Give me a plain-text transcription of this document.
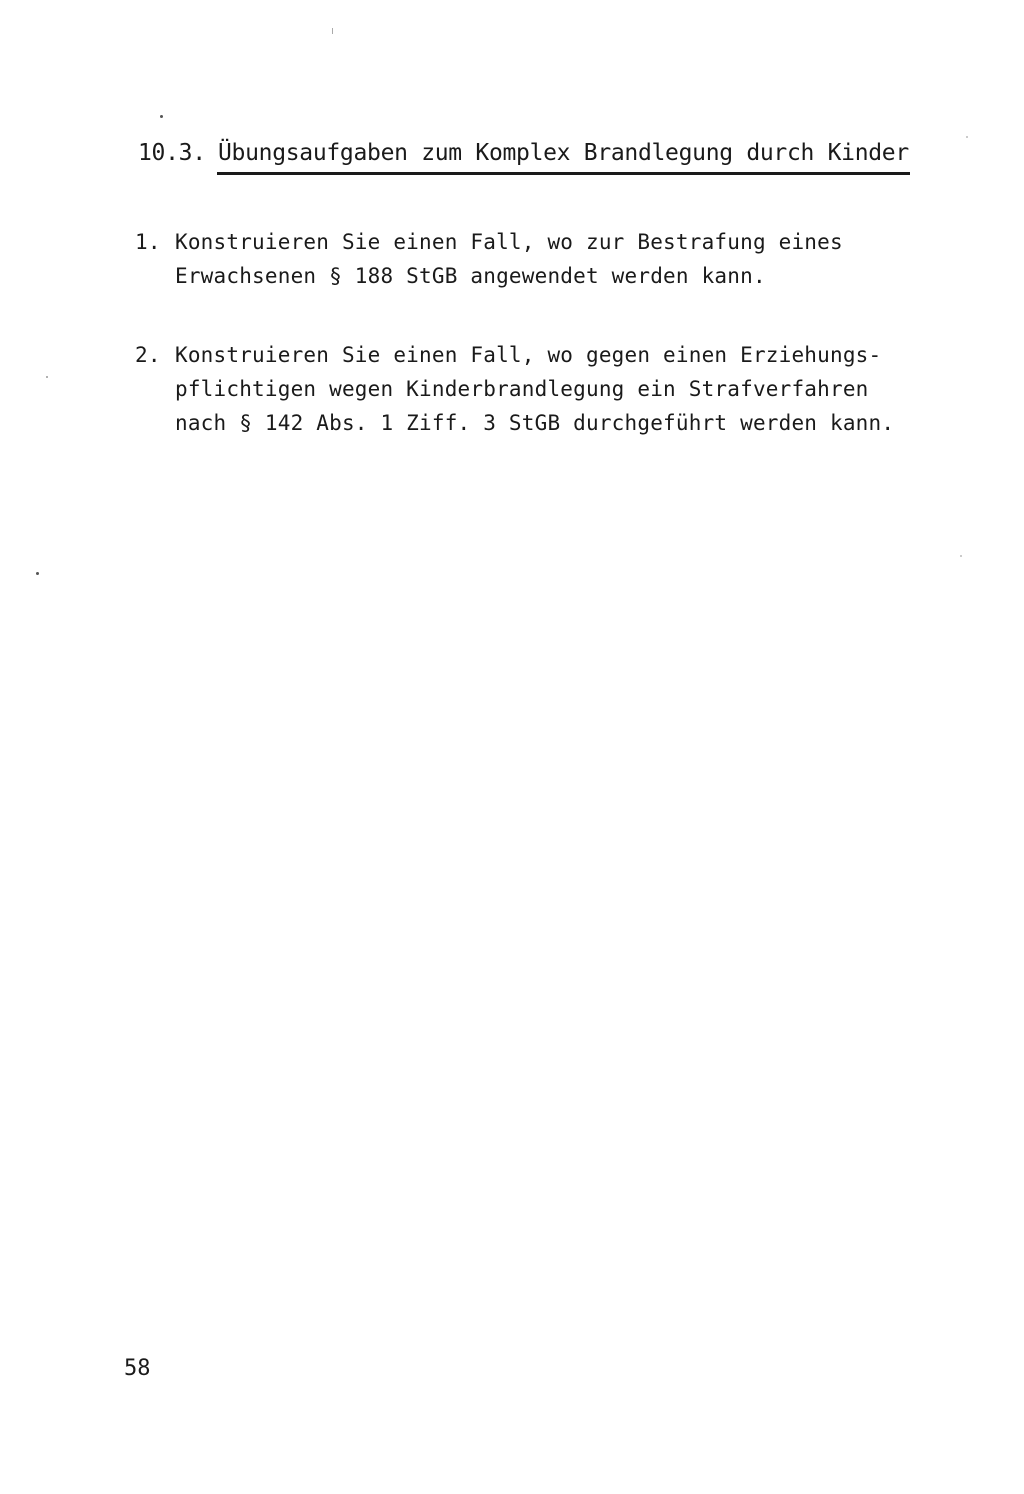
10.3. Übungsaufgaben zum Komplex Brandlegung durch Kinder
1. Konstruieren Sie einen Fall, wo zur Bestrafung eines
Erwachsenen § 188 StGB angewendet werden kann.
2. Konstruieren Sie einen Fall, wo gegen einen Erziehungs-
pflichtigen wegen Kinderbrandlegung ein Strafverfahren
nach § 142 Abs. 1 Ziff. 3 StGB durchgeführt werden kann.
58
